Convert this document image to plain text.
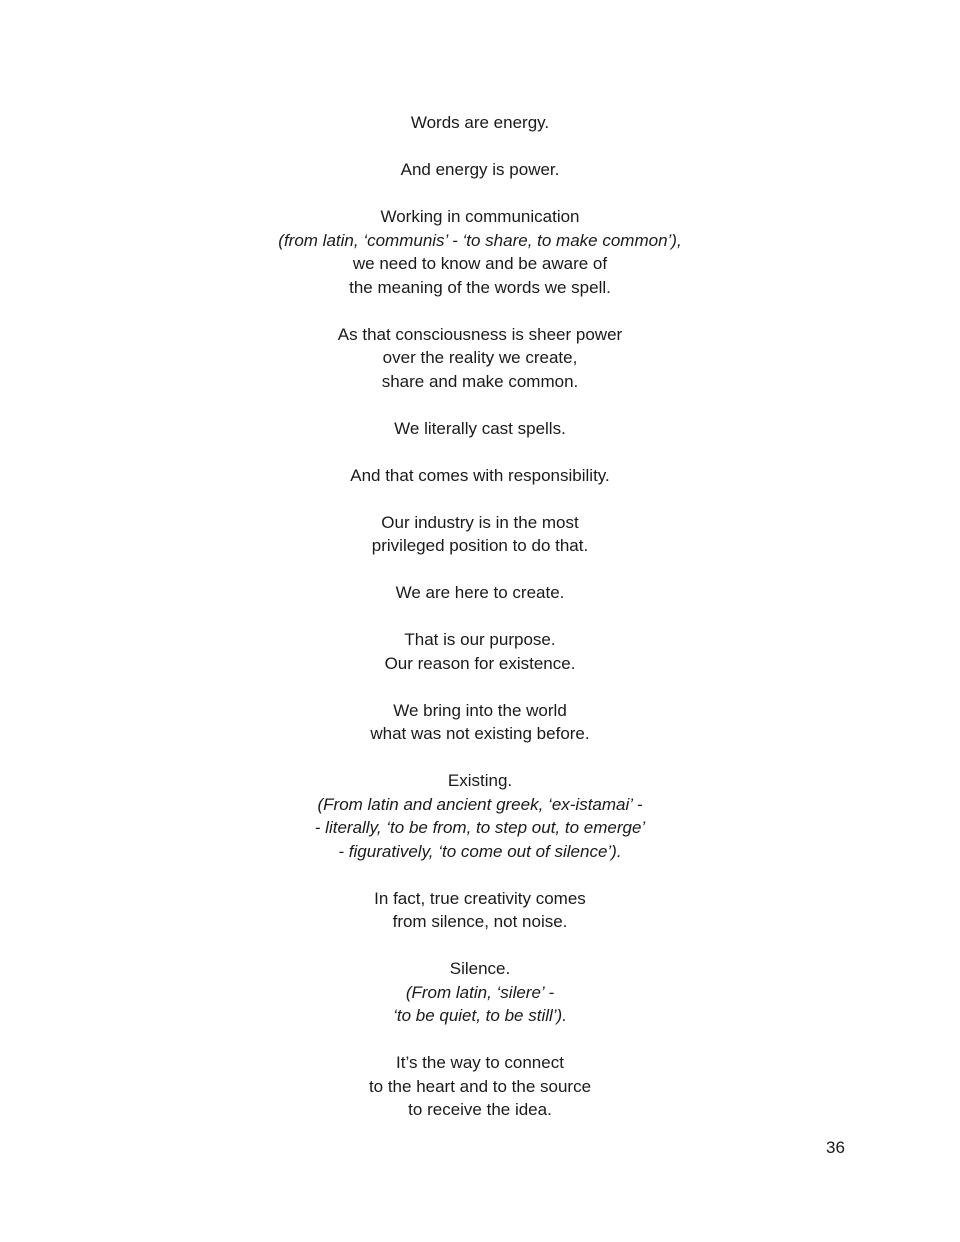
Words are energy.
And energy is power.
Working in communication
(from latin, ‘communis’ - ‘to share, to make common’),
we need to know and be aware of
the meaning of the words we spell.
As that consciousness is sheer power
over the reality we create,
share and make common.
We literally cast spells.
And that comes with responsibility.
Our industry is in the most
privileged position to do that.
We are here to create.
That is our purpose.
Our reason for existence.
We bring into the world
what was not existing before.
Existing.
(From latin and ancient greek, ‘ex-istamai’ -
- literally, ‘to be from, to step out, to emerge’
- figuratively, ‘to come out of silence’).
In fact, true creativity comes
from silence, not noise.
Silence.
(From latin, ‘silere’ -
‘to be quiet, to be still’).
It’s the way to connect
to the heart and to the source
to receive the idea.
36
